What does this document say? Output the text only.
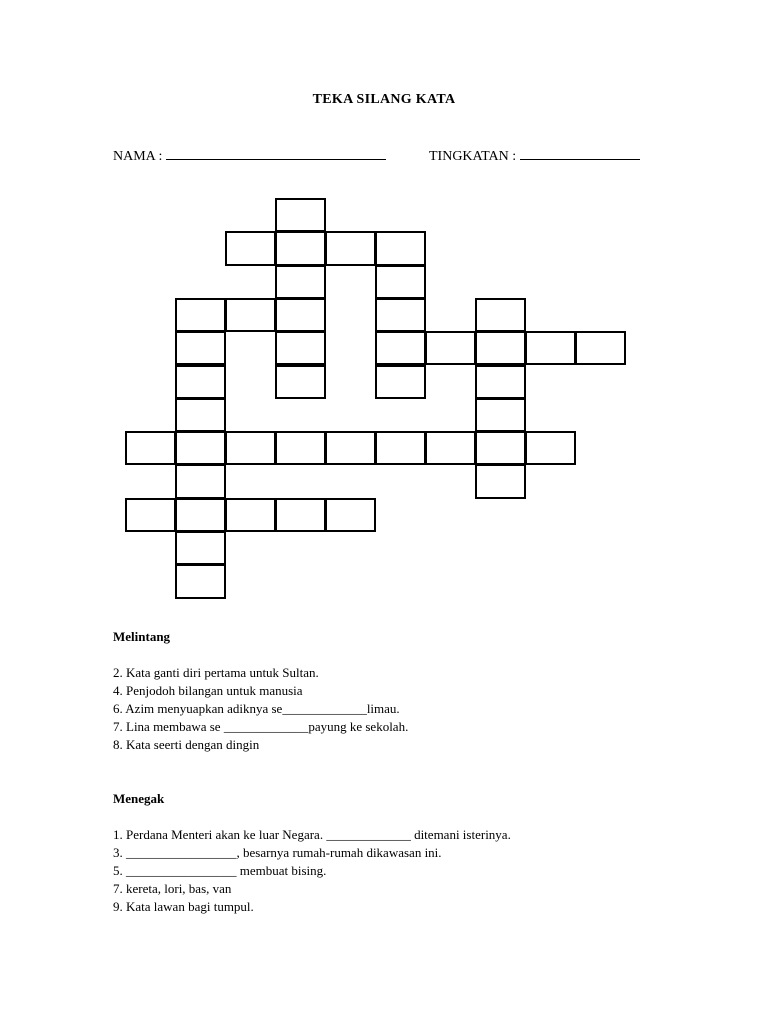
TEKA SILANG KATA
NAMA :	TINGKATAN :
Melintang
2. Kata ganti diri pertama untuk Sultan.
4. Penjodoh bilangan untuk manusia
6. Azim menyuapkan adiknya se_____________limau.
7. Lina membawa se _____________payung ke sekolah.
8. Kata seerti dengan dingin
Menegak
1. Perdana Menteri akan ke luar Negara. _____________ ditemani isterinya.
3. _________________, besarnya rumah-rumah dikawasan ini.
5. _________________ membuat bising.
7. kereta, lori, bas, van
9. Kata lawan bagi tumpul.
